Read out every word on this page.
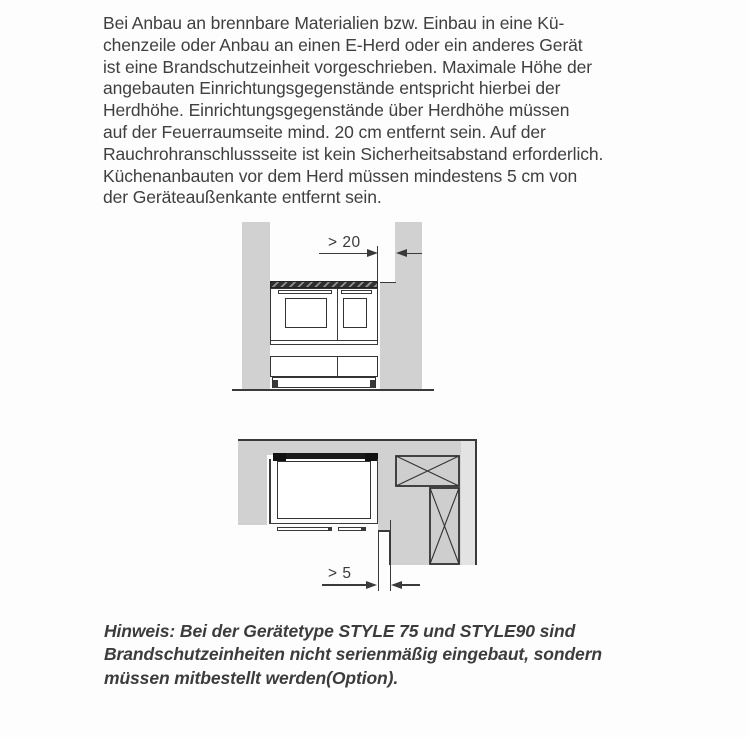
Bei Anbau an brennbare Materialien bzw. Einbau in eine Kü-
chenzeile oder Anbau an einen E-Herd oder ein anderes Gerät
ist eine Brandschutzeinheit vorgeschrieben. Maximale Höhe der
angebauten Einrichtungsgegenstände entspricht hierbei der
Herdhöhe. Einrichtungsgegenstände über Herdhöhe müssen
auf der Feuerraumseite mind. 20 cm entfernt sein. Auf der
Rauchrohranschlussseite ist kein Sicherheitsabstand erforderlich.
Küchenanbauten vor dem Herd müssen mindestens 5 cm von
der Geräteaußenkante entfernt sein.
> 20
> 5
Hinweis: Bei der Gerätetype STYLE 75 und STYLE90 sind
Brandschutzeinheiten nicht serienmäßig eingebaut, sondern
müssen mitbestellt werden(Option).
